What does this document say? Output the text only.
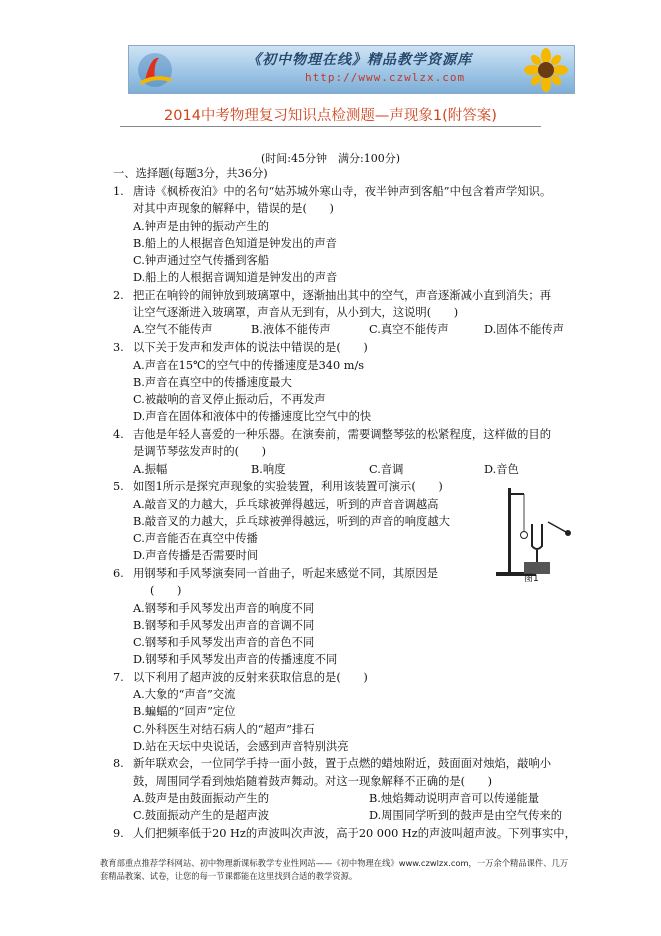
《初中物理在线》精品教学资源库
http://www.czwlzx.com
2014中考物理复习知识点检测题—声现象1(附答案)
(时间:45分钟　满分:100分)
一、选择题(每题3分，共36分)
1. 唐诗《枫桥夜泊》中的名句“姑苏城外寒山寺，夜半钟声到客船”中包含着声学知识。
对其中声现象的解释中，错误的是(　　)
A.钟声是由钟的振动产生的
B.船上的人根据音色知道是钟发出的声音
C.钟声通过空气传播到客船
D.船上的人根据音调知道是钟发出的声音
2. 把正在响铃的闹钟放到玻璃罩中，逐渐抽出其中的空气，声音逐渐减小直到消失；再
让空气逐渐进入玻璃罩，声音从无到有，从小到大，这说明(　　)
A.空气不能传声	B.液体不能传声	C.真空不能传声	D.固体不能传声
3. 以下关于发声和发声体的说法中错误的是(　　)
A.声音在15℃的空气中的传播速度是340 m/s
B.声音在真空中的传播速度最大
C.被敲响的音叉停止振动后，不再发声
D.声音在固体和液体中的传播速度比空气中的快
4. 吉他是年轻人喜爱的一种乐器。在演奏前，需要调整琴弦的松紧程度，这样做的目的
是调节琴弦发声时的(　　)
A.振幅	B.响度	C.音调	D.音色
5. 如图1所示是探究声现象的实验装置，利用该装置可演示(　　)
A.敲音叉的力越大，乒乓球被弹得越远，听到的声音音调越高
B.敲音叉的力越大，乒乓球被弹得越远，听到的声音的响度越大
C.声音能否在真空中传播
D.声音传播是否需要时间
图1
6. 用钢琴和手风琴演奏同一首曲子，听起来感觉不同，其原因是
(　　)
A.钢琴和手风琴发出声音的响度不同
B.钢琴和手风琴发出声音的音调不同
C.钢琴和手风琴发出声音的音色不同
D.钢琴和手风琴发出声音的传播速度不同
7. 以下利用了超声波的反射来获取信息的是(　　)
A.大象的“声音”交流
B.蝙蝠的“回声”定位
C.外科医生对结石病人的“超声”排石
D.站在天坛中央说话，会感到声音特别洪亮
8. 新年联欢会，一位同学手持一面小鼓，置于点燃的蜡烛附近，鼓面面对烛焰，敲响小
鼓，周围同学看到烛焰随着鼓声舞动。对这一现象解释不正确的是(　　)
A.鼓声是由鼓面振动产生的	B.烛焰舞动说明声音可以传递能量
C.鼓面振动产生的是超声波	D.周围同学听到的鼓声是由空气传来的
9. 人们把频率低于20 Hz的声波叫次声波，高于20 000 Hz的声波叫超声波。下列事实中，
教育部重点推荐学科网站、初中物理新课标教学专业性网站——《初中物理在线》www.czwlzx.com，一万余个精品课件、几万套精品教案、试卷，让您的每一节课都能在这里找到合适的教学资源。
